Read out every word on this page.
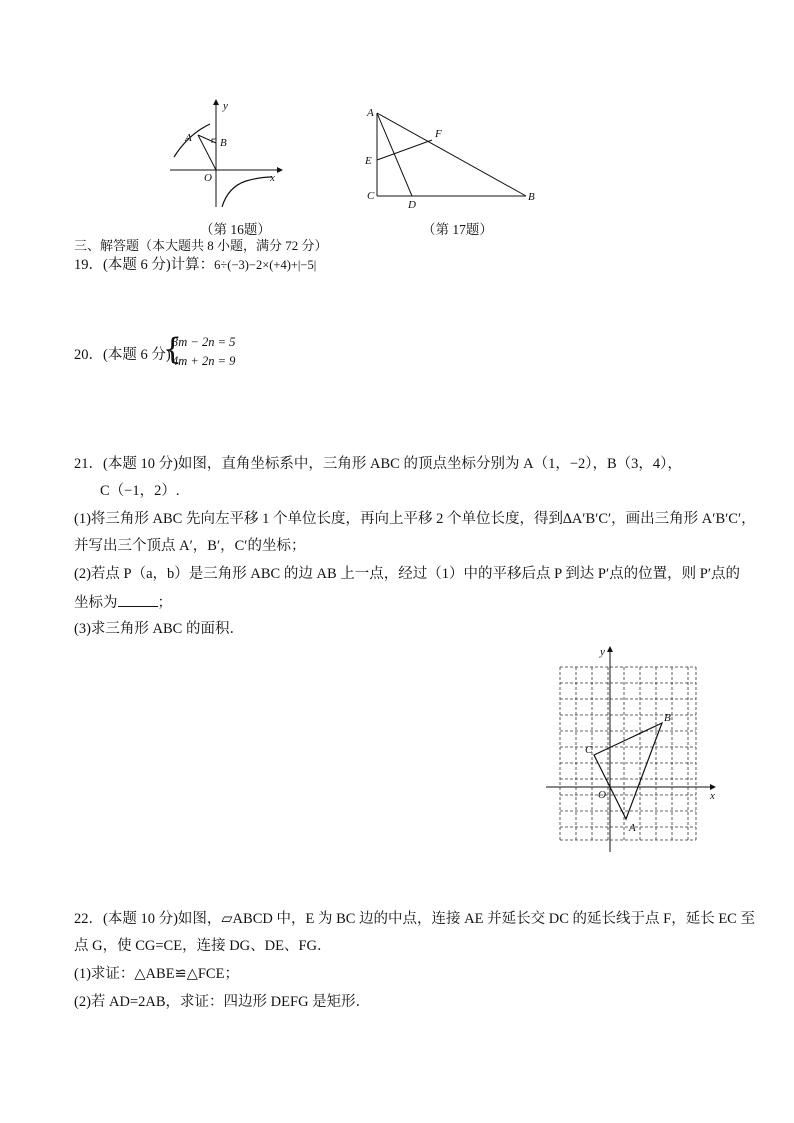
y
x
A	B
O
（第 16题）
A
F
E
C
D
B
（第 17题）
三、解答题（本大题共 8 小题，满分 72 分）
19．(本题 6 分)计算：6÷(−3)−2×(+4)+|−5|
20．(本题 6 分)
{
3m − 2n = 5
4m + 2n = 9
21．(本题 10 分)如图，直角坐标系中，三角形 ABC 的顶点坐标分别为 A（1，−2），B（3，4），
C（−1，2）.
(1)将三角形 ABC 先向左平移 1 个单位长度，再向上平移 2 个单位长度，得到∆A′B′C′，画出三角形 A′B′C′，
并写出三个顶点 A′，B′，C′的坐标；
(2)若点 P（a，b）是三角形 ABC 的边 AB 上一点，经过（1）中的平移后点 P 到达 P′点的位置，则 P′点的
坐标为	；
(3)求三角形 ABC 的面积．
y
x
O
A
B
C
22．(本题 10 分)如图，▱ABCD 中，E 为 BC 边的中点，连接 AE 并延长交 DC 的延长线于点 F，延长 EC 至
点 G，使 CG=CE，连接 DG、DE、FG．
(1)求证：△ABE≌△FCE；
(2)若 AD=2AB，求证：四边形 DEFG 是矩形．
